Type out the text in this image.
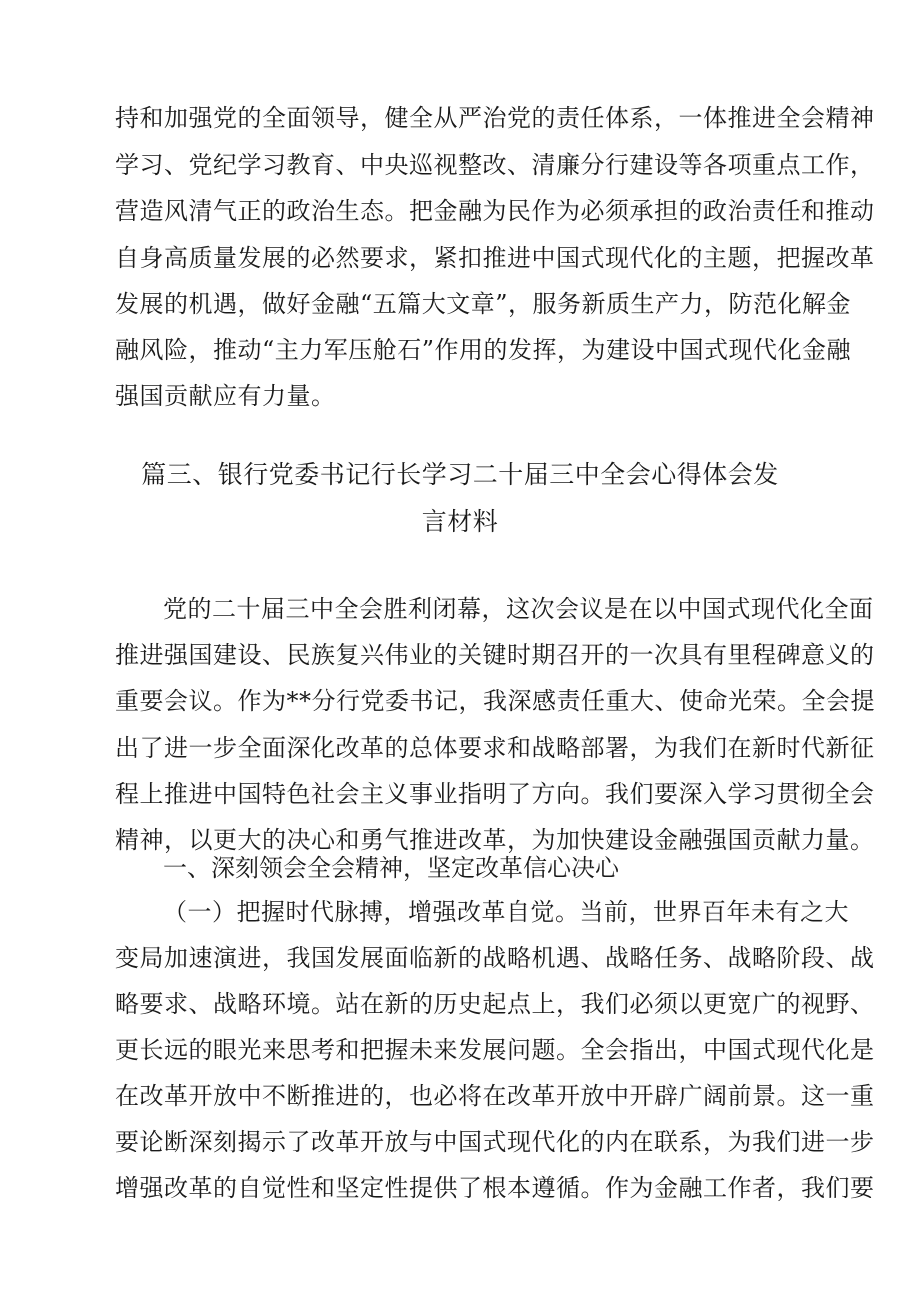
持和加强党的全面领导，健全从严治党的责任体系，一体推进全会精神
学习、党纪学习教育、中央巡视整改、清廉分行建设等各项重点工作，
营造风清气正的政治生态。把金融为民作为必须承担的政治责任和推动
自身高质量发展的必然要求，紧扣推进中国式现代化的主题，把握改革
发展的机遇，做好金融“五篇大文章”，服务新质生产力，防范化解金
融风险，推动“主力军压舱石”作用的发挥，为建设中国式现代化金融
强国贡献应有力量。
篇三、银行党委书记行长学习二十届三中全会心得体会发
言材料
党的二十届三中全会胜利闭幕，这次会议是在以中国式现代化全面
推进强国建设、民族复兴伟业的关键时期召开的一次具有里程碑意义的
重要会议。作为**分行党委书记，我深感责任重大、使命光荣。全会提
出了进一步全面深化改革的总体要求和战略部署，为我们在新时代新征
程上推进中国特色社会主义事业指明了方向。我们要深入学习贯彻全会
精神，以更大的决心和勇气推进改革，为加快建设金融强国贡献力量。
一、深刻领会全会精神，坚定改革信心决心
（一）把握时代脉搏，增强改革自觉。当前，世界百年未有之大
变局加速演进，我国发展面临新的战略机遇、战略任务、战略阶段、战
略要求、战略环境。站在新的历史起点上，我们必须以更宽广的视野、
更长远的眼光来思考和把握未来发展问题。全会指出，中国式现代化是
在改革开放中不断推进的，也必将在改革开放中开辟广阔前景。这一重
要论断深刻揭示了改革开放与中国式现代化的内在联系，为我们进一步
增强改革的自觉性和坚定性提供了根本遵循。作为金融工作者，我们要
